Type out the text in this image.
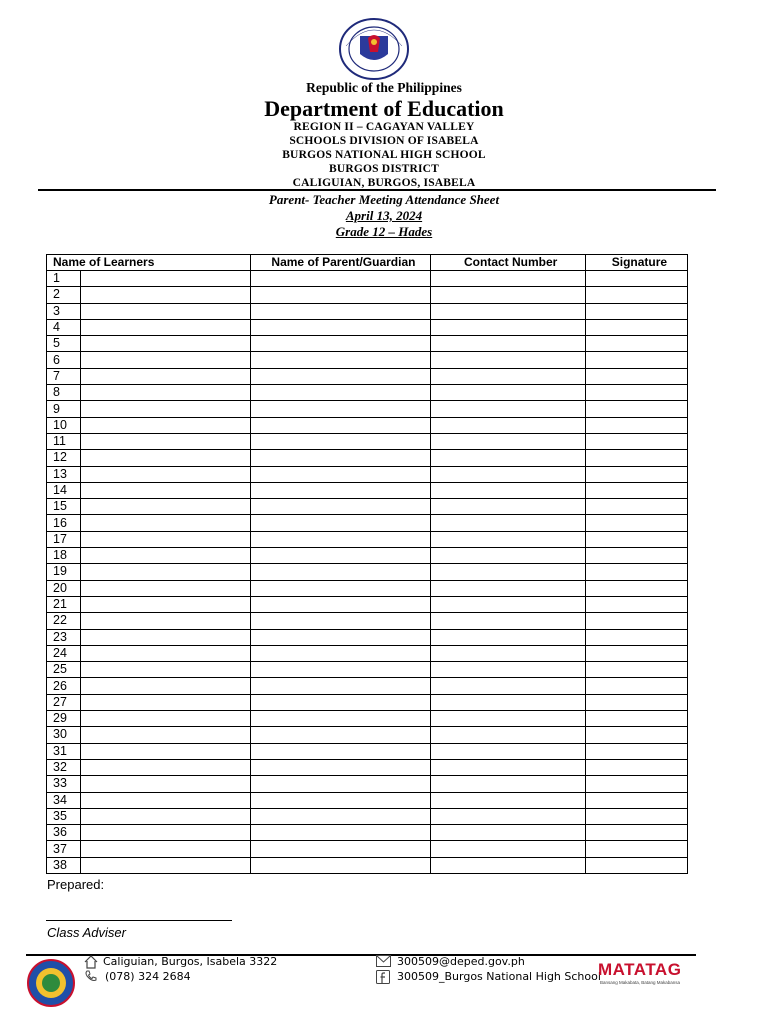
Republic of the Philippines
Department of Education
REGION II – CAGAYAN VALLEY
SCHOOLS DIVISION OF ISABELA
BURGOS NATIONAL HIGH SCHOOL
BURGOS DISTRICT
CALIGUIAN, BURGOS, ISABELA
Parent- Teacher Meeting Attendance Sheet
April 13, 2024
Grade 12 – Hades
Name of Learners		Name of Parent/Guardian	Contact Number	Signature
1				
2				
3				
4				
5				
6				
7				
8				
9				
10				
11				
12				
13				
14				
15				
16				
17				
18				
19				
20				
21				
22				
23				
24				
25				
26				
27				
29				
30				
31				
32				
33				
34				
35				
36				
37				
38				
Prepared:
Class Adviser
Caliguian, Burgos, Isabela 3322
(078) 324 2684
300509@deped.gov.ph
300509_Burgos National High School
MATATAG
Bansang Makabata, Batang Makabansa
